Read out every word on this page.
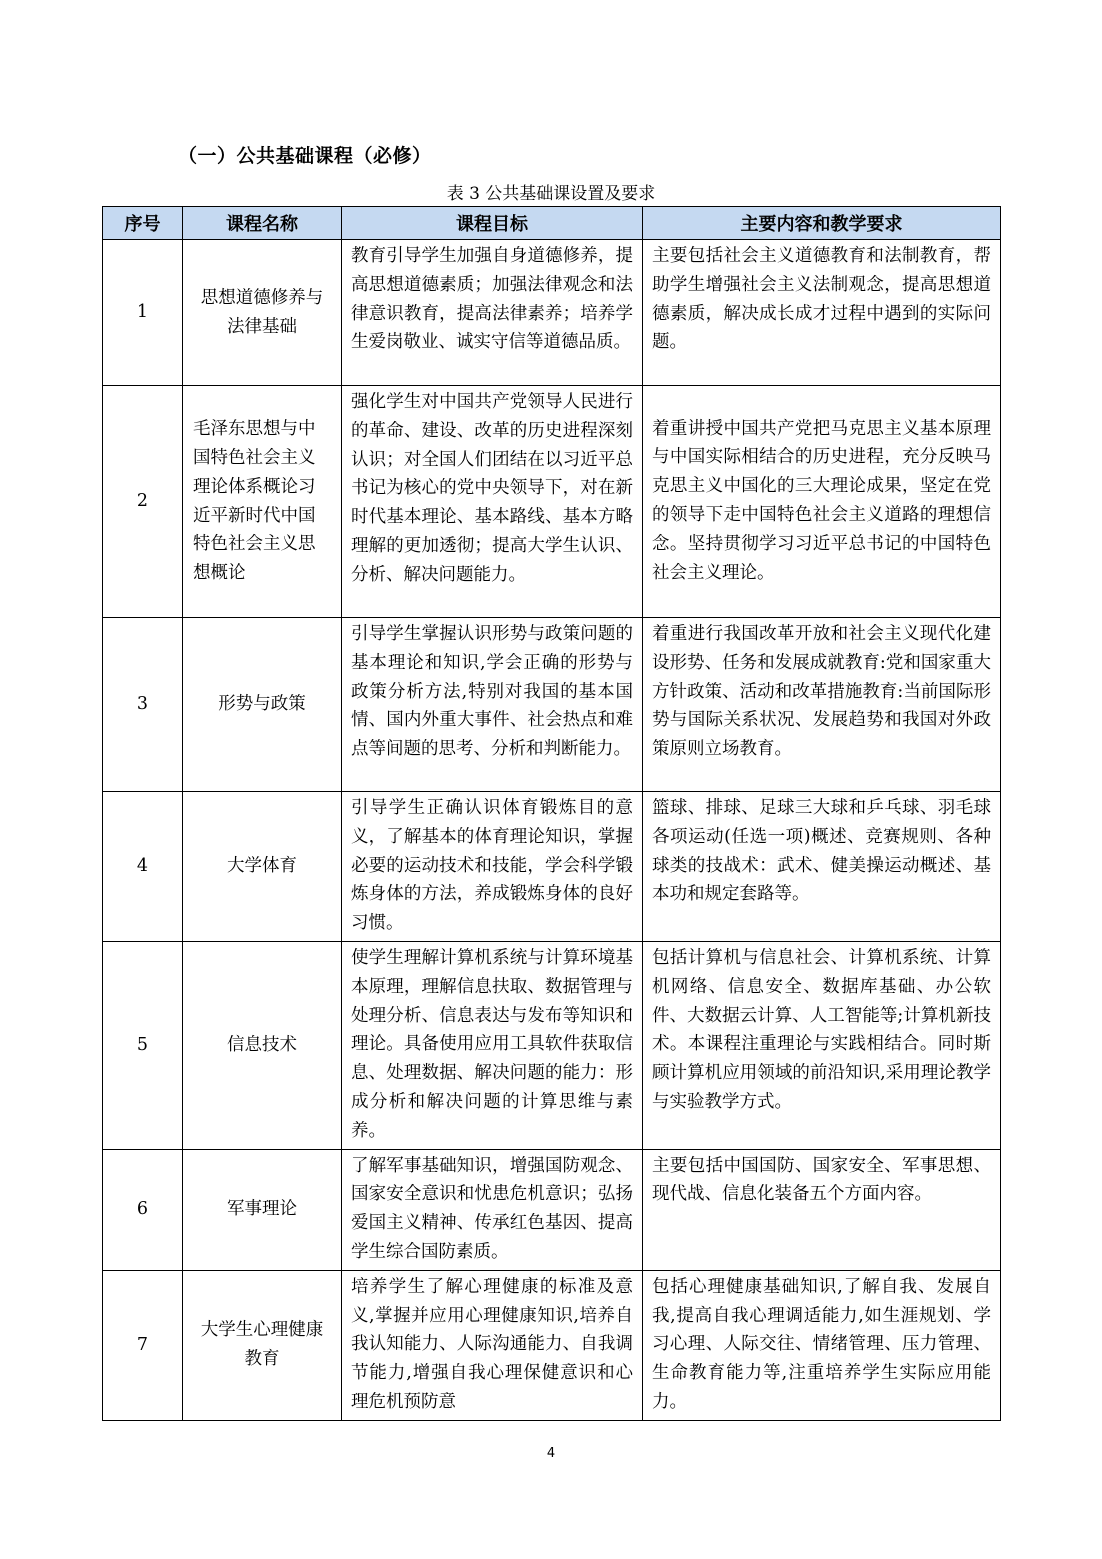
（一）公共基础课程（必修）
表 3 公共基础课设置及要求
序号	课程名称	课程目标	主要内容和教学要求
1	思想道德修养与法律基础	教育引导学生加强自身道德修养，提高思想道德素质；加强法律观念和法律意识教育，提高法律素养；培养学生爱岗敬业、诚实守信等道德品质。	主要包括社会主义道德教育和法制教育，帮助学生增强社会主义法制观念，提高思想道德素质，解决成长成才过程中遇到的实际问题。
2	毛泽东思想与中国特色社会主义理论体系概论习近平新时代中国特色社会主义思想概论	强化学生对中国共产党领导人民进行的革命、建设、改革的历史进程深刻认识；对全国人们团结在以习近平总书记为核心的党中央领导下，对在新时代基本理论、基本路线、基本方略理解的更加透彻；提高大学生认识、分析、解决问题能力。	着重讲授中国共产党把马克思主义基本原理与中国实际相结合的历史进程，充分反映马克思主义中国化的三大理论成果，坚定在党的领导下走中国特色社会主义道路的理想信念。坚持贯彻学习习近平总书记的中国特色社会主义理论。
3	形势与政策	引导学生掌握认识形势与政策问题的基本理论和知识,学会正确的形势与政策分析方法,特别对我国的基本国情、国内外重大事件、社会热点和难点等间题的思考、分析和判断能力。	着重进行我国改革开放和社会主义现代化建设形势、任务和发展成就教育:党和国家重大方针政策、活动和改革措施教育:当前国际形势与国际关系状况、发展趋势和我国对外政策原则立场教育。
4	大学体育	引导学生正确认识体育锻炼目的意义，了解基本的体育理论知识，掌握必要的运动技术和技能，学会科学锻炼身体的方法，养成锻炼身体的良好习惯。	篮球、排球、足球三大球和乒乓球、羽毛球各项运动(任选一项)概述、竞赛规则、各种球类的技战术：武术、健美操运动概述、基本功和规定套路等。
5	信息技术	使学生理解计算机系统与计算环境基本原理，理解信息扶取、数据管理与处理分析、信息表达与发布等知识和理论。具备使用应用工具软件获取信息、处理数据、解决问题的能力：形成分析和解决问题的计算思维与素养。	包括计算机与信息社会、计算机系统、计算机网络、信息安全、数据库基础、办公软件、大数据云计算、人工智能等;计算机新技术。本课程注重理论与实践相结合。同时斯顾计算机应用领域的前沿知识,采用理论教学与实验教学方式。
6	军事理论	了解军事基础知识，增强国防观念、国家安全意识和忧患危机意识；弘扬爱国主义精神、传承红色基因、提高学生综合国防素质。	主要包括中国国防、国家安全、军事思想、现代战、信息化装备五个方面内容。
7	大学生心理健康教育	培养学生了解心理健康的标准及意义,掌握并应用心理健康知识,培养自我认知能力、人际沟通能力、自我调节能力,增强自我心理保健意识和心理危机预防意	包括心理健康基础知识,了解自我、发展自我,提高自我心理调适能力,如生涯规划、学习心理、人际交往、情绪管理、压力管理、生命教育能力等,注重培养学生实际应用能力。
4
